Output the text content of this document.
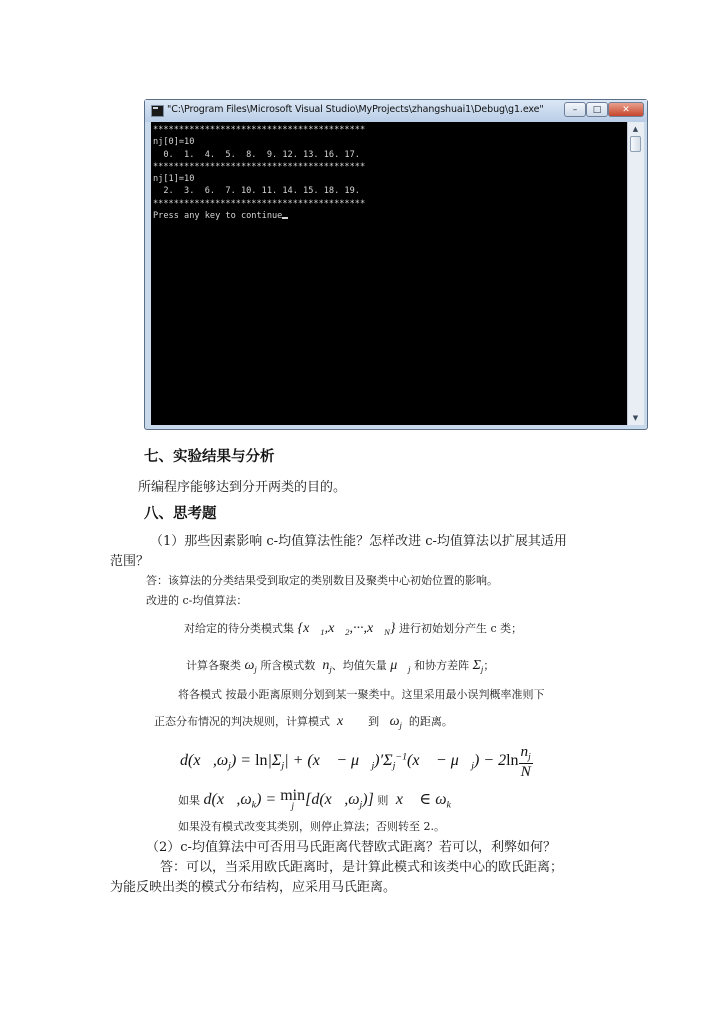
"C:\Program Files\Microsoft Visual Studio\MyProjects\zhangshuai1\Debug\g1.exe"	– □ ✕
*****************************************
nj[0]=10
0.  1.  4.  5.  8.  9. 12. 13. 16. 17.
*****************************************
nj[1]=10
2.  3.  6.  7. 10. 11. 14. 15. 18. 19.
*****************************************
Press any key to continue
▲
▼
七、实验结果与分析
所编程序能够达到分开两类的目的。
八、思考题
（1）那些因素影响 c-均值算法性能？怎样改进 c-均值算法以扩展其适用
范围？
答：该算法的分类结果受到取定的类别数目及聚类中心初始位置的影响。
改进的 c-均值算法：
对给定的待分类模式集 $\{x⃗_1,x⃗_2,\cdot\cdot\cdot,x⃗_N\}$ 进行初始划分产生 c 类；
计算各聚类 $\omega_j$ 所含模式数  $n_j$、均值矢量 $\mu⃗_j$ 和协方差阵 $\Sigma_j$；
将各模式 按最小距离原则分划到某一聚类中。这里采用最小误判概率准则下
正态分布情况的判决规则，计算模式  x⃗    到   $\omega_j$ 的距离。
$d(x⃗,\omega_j) = \ln|\Sigma_j|$ + (x⃗ − $\mu⃗_j)'\Sigma_j^{-1}(x⃗$ − $\mu⃗_j) - 2\ln \frac{n_j}{N}$
如果 $d(x⃗,\omega_k) = \min$
j $[d(x⃗,\omega_j)]$ 则  x⃗ ∈ $\omega_k$
如果没有模式改变其类别，则停止算法；否则转至 2.。
（2）c-均值算法中可否用马氏距离代替欧式距离？若可以，利弊如何？
答：可以，当采用欧氏距离时，是计算此模式和该类中心的欧氏距离；
为能反映出类的模式分布结构，应采用马氏距离。
